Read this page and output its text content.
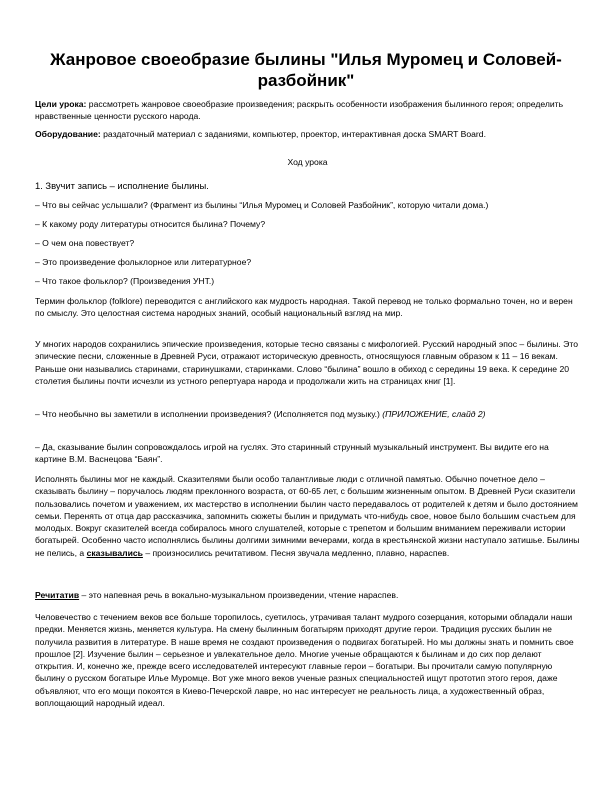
Жанровое своеобразие былины "Илья Муромец и Соловей-разбойник"
Цели урока: рассмотреть жанровое своеобразие произведения; раскрыть особенности изображения былинного героя; определить нравственные ценности русского народа.
Оборудование: раздаточный материал с заданиями, компьютер, проектор, интерактивная доска SMART Board.
Ход урока
1. Звучит запись – исполнение былины.
– Что вы сейчас услышали? (Фрагмент из былины “Илья Муромец и Соловей Разбойник”, которую читали дома.)
– К какому роду литературы относится былина? Почему?
– О чем она повествует?
– Это произведение фольклорное или литературное?
– Что такое фольклор? (Произведения УНТ.)
Термин фольклор (folklore) переводится с английского как мудрость народная. Такой перевод не только формально точен, но и верен по смыслу. Это целостная система народных знаний, особый национальный взгляд на мир.
У многих народов сохранились эпические произведения, которые тесно связаны с мифологией. Русский народный эпос – былины. Это эпические песни, сложенные в Древней Руси, отражают историческую древность, относящуюся главным образом к 11 – 16 векам. Раньше они назывались старинами, старинушками, старинками. Слово “былина” вошло в обиход с середины 19 века. К середине 20 столетия былины почти исчезли из устного репертуара народа и продолжали жить на страницах книг [1].
– Что необычно вы заметили в исполнении произведения? (Исполняется под музыку.) (ПРИЛОЖЕНИЕ, слайд 2)
– Да, сказывание былин сопровождалось игрой на гуслях. Это старинный струнный музыкальный инструмент. Вы видите его на картине В.М. Васнецова “Баян”.
Исполнять былины мог не каждый. Сказителями были особо талантливые люди с отличной памятью. Обычно почетное дело – сказывать былину – поручалось людям преклонного возраста, от 60-65 лет, с большим жизненным опытом. В Древней Руси сказители пользовались почетом и уважением, их мастерство в исполнении былин часто передавалось от родителей к детям и было достоянием семьи. Перенять от отца дар рассказчика, запомнить сюжеты былин и придумать что-нибудь свое, новое было большим счастьем для молодых. Вокруг сказителей всегда собиралось много слушателей, которые с трепетом и большим вниманием переживали истории богатырей. Особенно часто исполнялись былины долгими зимними вечерами, когда в крестьянской жизни наступало затишье. Былины не пелись, а сказывались – произносились речитативом. Песня звучала медленно, плавно, нараспев.
Речитатив – это напевная речь в вокально-музыкальном произведении, чтение нараспев.
Человечество с течением веков все больше торопилось, суетилось, утрачивая талант мудрого созерцания, которыми обладали наши предки. Меняется жизнь, меняется культура. На смену былинным богатырям приходят другие герои. Традиция русских былин не получила развития в литературе. В наше время не создают произведения о подвигах богатырей. Но мы должны знать и помнить свое прошлое [2]. Изучение былин – серьезное и увлекательное дело. Многие ученые обращаются к былинам и до сих пор делают открытия. И, конечно же, прежде всего исследователей интересуют главные герои – богатыри. Вы прочитали самую популярную былину о русском богатыре Илье Муромце. Вот уже много веков ученые разных специальностей ищут прототип этого героя, даже объявляют, что его мощи покоятся в Киево-Печерской лавре, но нас интересует не реальность лица, а художественный образ, воплощающий народный идеал.
